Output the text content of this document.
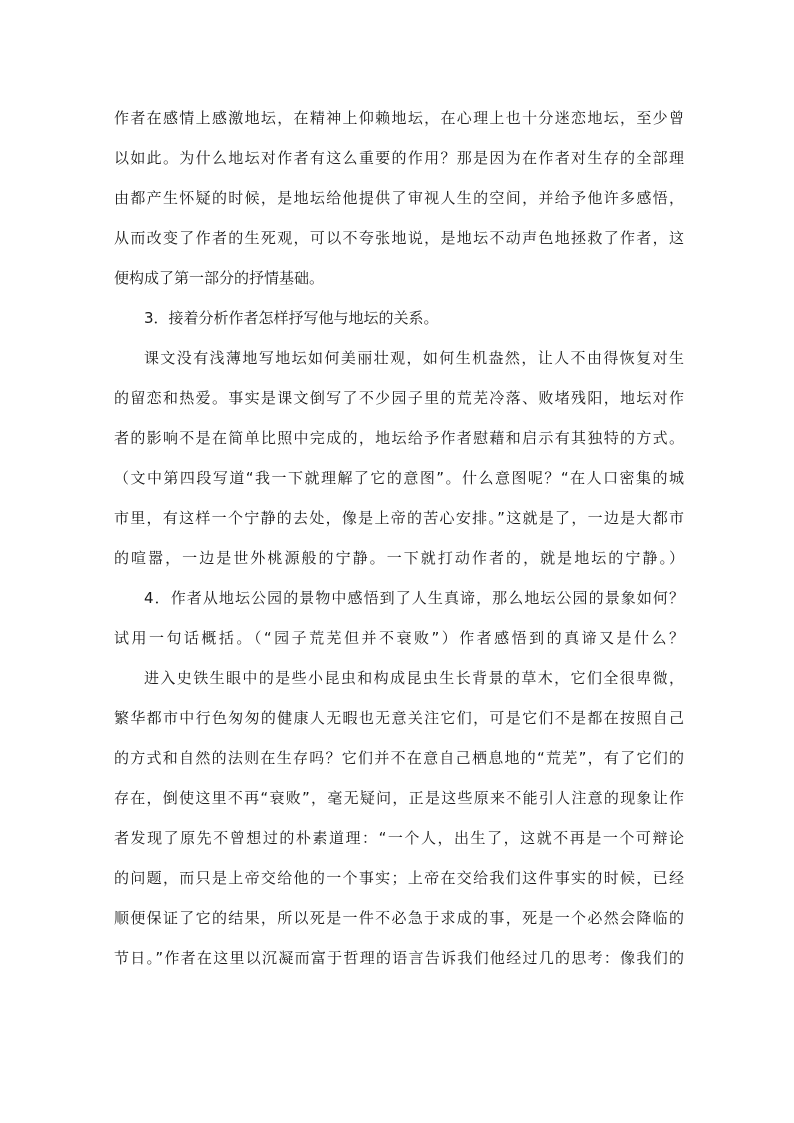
作者在感情上感激地坛，在精神上仰赖地坛，在心理上也十分迷恋地坛，至少曾
以如此。为什么地坛对作者有这么重要的作用？那是因为在作者对生存的全部理
由都产生怀疑的时候，是地坛给他提供了审视人生的空间，并给予他许多感悟，
从而改变了作者的生死观，可以不夸张地说，是地坛不动声色地拯救了作者，这
便构成了第一部分的抒情基础。
3．接着分析作者怎样抒写他与地坛的关系。
课文没有浅薄地写地坛如何美丽壮观，如何生机盎然，让人不由得恢复对生
的留恋和热爱。事实是课文倒写了不少园子里的荒芜冷落、败堵残阳，地坛对作
者的影响不是在简单比照中完成的，地坛给予作者慰藉和启示有其独特的方式。
（文中第四段写道“我一下就理解了它的意图”。什么意图呢？“在人口密集的城
市里，有这样一个宁静的去处，像是上帝的苦心安排。”这就是了，一边是大都市
的喧嚣，一边是世外桃源般的宁静。一下就打动作者的，就是地坛的宁静。）
4．作者从地坛公园的景物中感悟到了人生真谛，那么地坛公园的景象如何？
试用一句话概括。（“园子荒芜但并不衰败”）作者感悟到的真谛又是什么？
进入史铁生眼中的是些小昆虫和构成昆虫生长背景的草木，它们全很卑微，
繁华都市中行色匆匆的健康人无暇也无意关注它们，可是它们不是都在按照自己
的方式和自然的法则在生存吗？它们并不在意自己栖息地的“荒芜”，有了它们的
存在，倒使这里不再“衰败”，毫无疑问，正是这些原来不能引人注意的现象让作
者发现了原先不曾想过的朴素道理：“一个人，出生了，这就不再是一个可辩论
的问题，而只是上帝交给他的一个事实；上帝在交给我们这件事实的时候，已经
顺便保证了它的结果，所以死是一件不必急于求成的事，死是一个必然会降临的
节日。”作者在这里以沉凝而富于哲理的语言告诉我们他经过几的思考：像我们的
